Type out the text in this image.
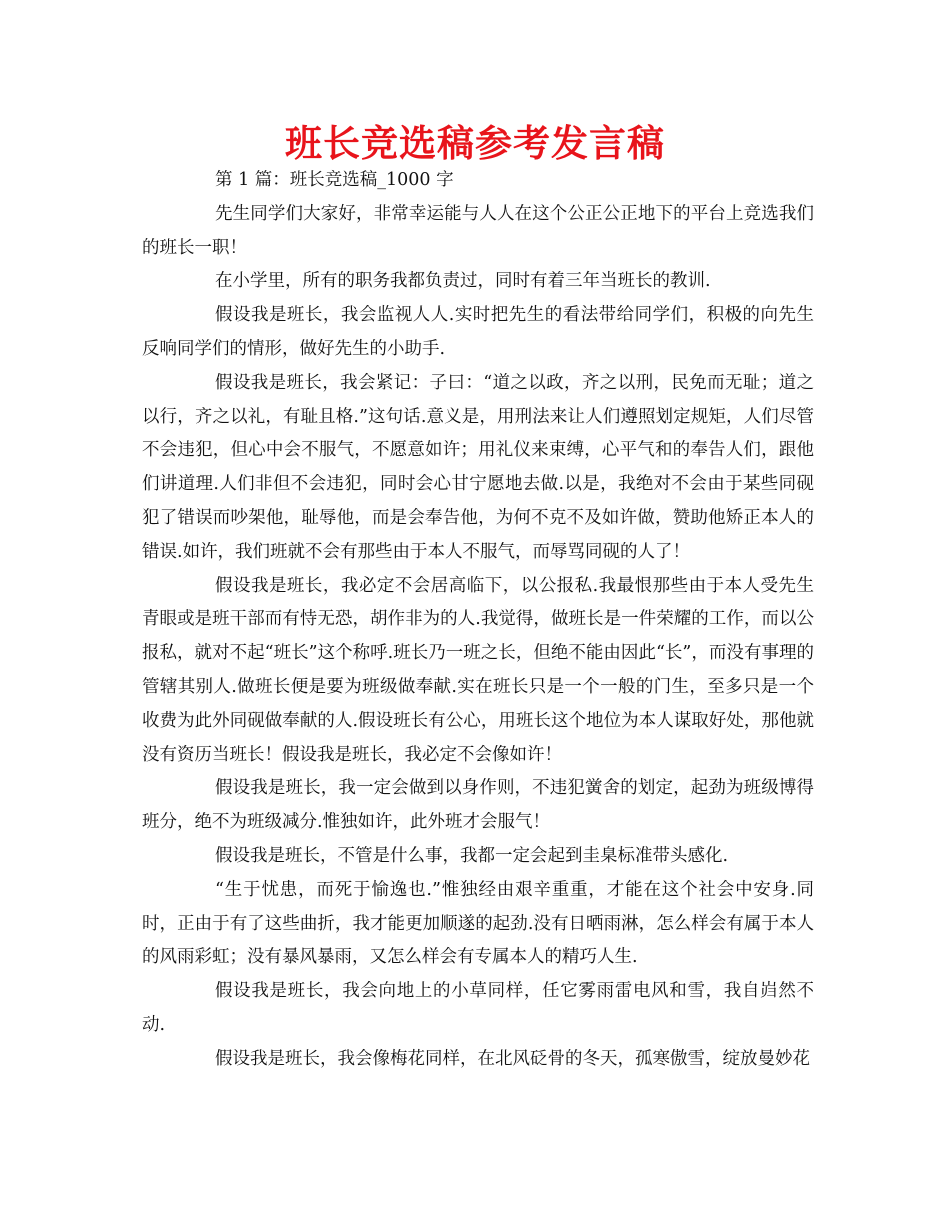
班长竞选稿参考发言稿

第 1 篇：班长竞选稿_1000 字

先生同学们大家好，非常幸运能与人人在这个公正公正地下的平台上竞选我们的班长一职！

在小学里，所有的职务我都负责过，同时有着三年当班长的教训.

假设我是班长，我会监视人人.实时把先生的看法带给同学们，积极的向先生反响同学们的情形，做好先生的小助手.

假设我是班长，我会紧记：子曰：“道之以政，齐之以刑，民免而无耻；道之以行，齐之以礼，有耻且格.”这句话.意义是，用刑法来让人们遵照划定规矩，人们尽管不会违犯，但心中会不服气，不愿意如许；用礼仪来束缚，心平气和的奉告人们，跟他们讲道理.人们非但不会违犯，同时会心甘宁愿地去做.以是，我绝对不会由于某些同砚犯了错误而吵架他，耻辱他，而是会奉告他，为何不克不及如许做，赞助他矫正本人的错误.如许，我们班就不会有那些由于本人不服气，而辱骂同砚的人了！

假设我是班长，我必定不会居高临下，以公报私.我最恨那些由于本人受先生青眼或是班干部而有恃无恐，胡作非为的人.我觉得，做班长是一件荣耀的工作，而以公报私，就对不起“班长”这个称呼.班长乃一班之长，但绝不能由因此“长”，而没有事理的管辖其别人.做班长便是要为班级做奉献.实在班长只是一个一般的门生，至多只是一个收费为此外同砚做奉献的人.假设班长有公心，用班长这个地位为本人谋取好处，那他就没有资历当班长！假设我是班长，我必定不会像如许！

假设我是班长，我一定会做到以身作则，不违犯黉舍的划定，起劲为班级博得班分，绝不为班级减分.惟独如许，此外班才会服气！

假设我是班长，不管是什么事，我都一定会起到圭臬标准带头感化.

“生于忧患，而死于愉逸也.”惟独经由艰辛重重，才能在这个社会中安身.同时，正由于有了这些曲折，我才能更加顺遂的起劲.没有日晒雨淋，怎么样会有属于本人的风雨彩虹；没有暴风暴雨，又怎么样会有专属本人的精巧人生.

假设我是班长，我会向地上的小草同样，任它雾雨雷电风和雪，我自岿然不动.

假设我是班长，我会像梅花同样，在北风砭骨的冬天，孤寒傲雪，绽放曼妙花
